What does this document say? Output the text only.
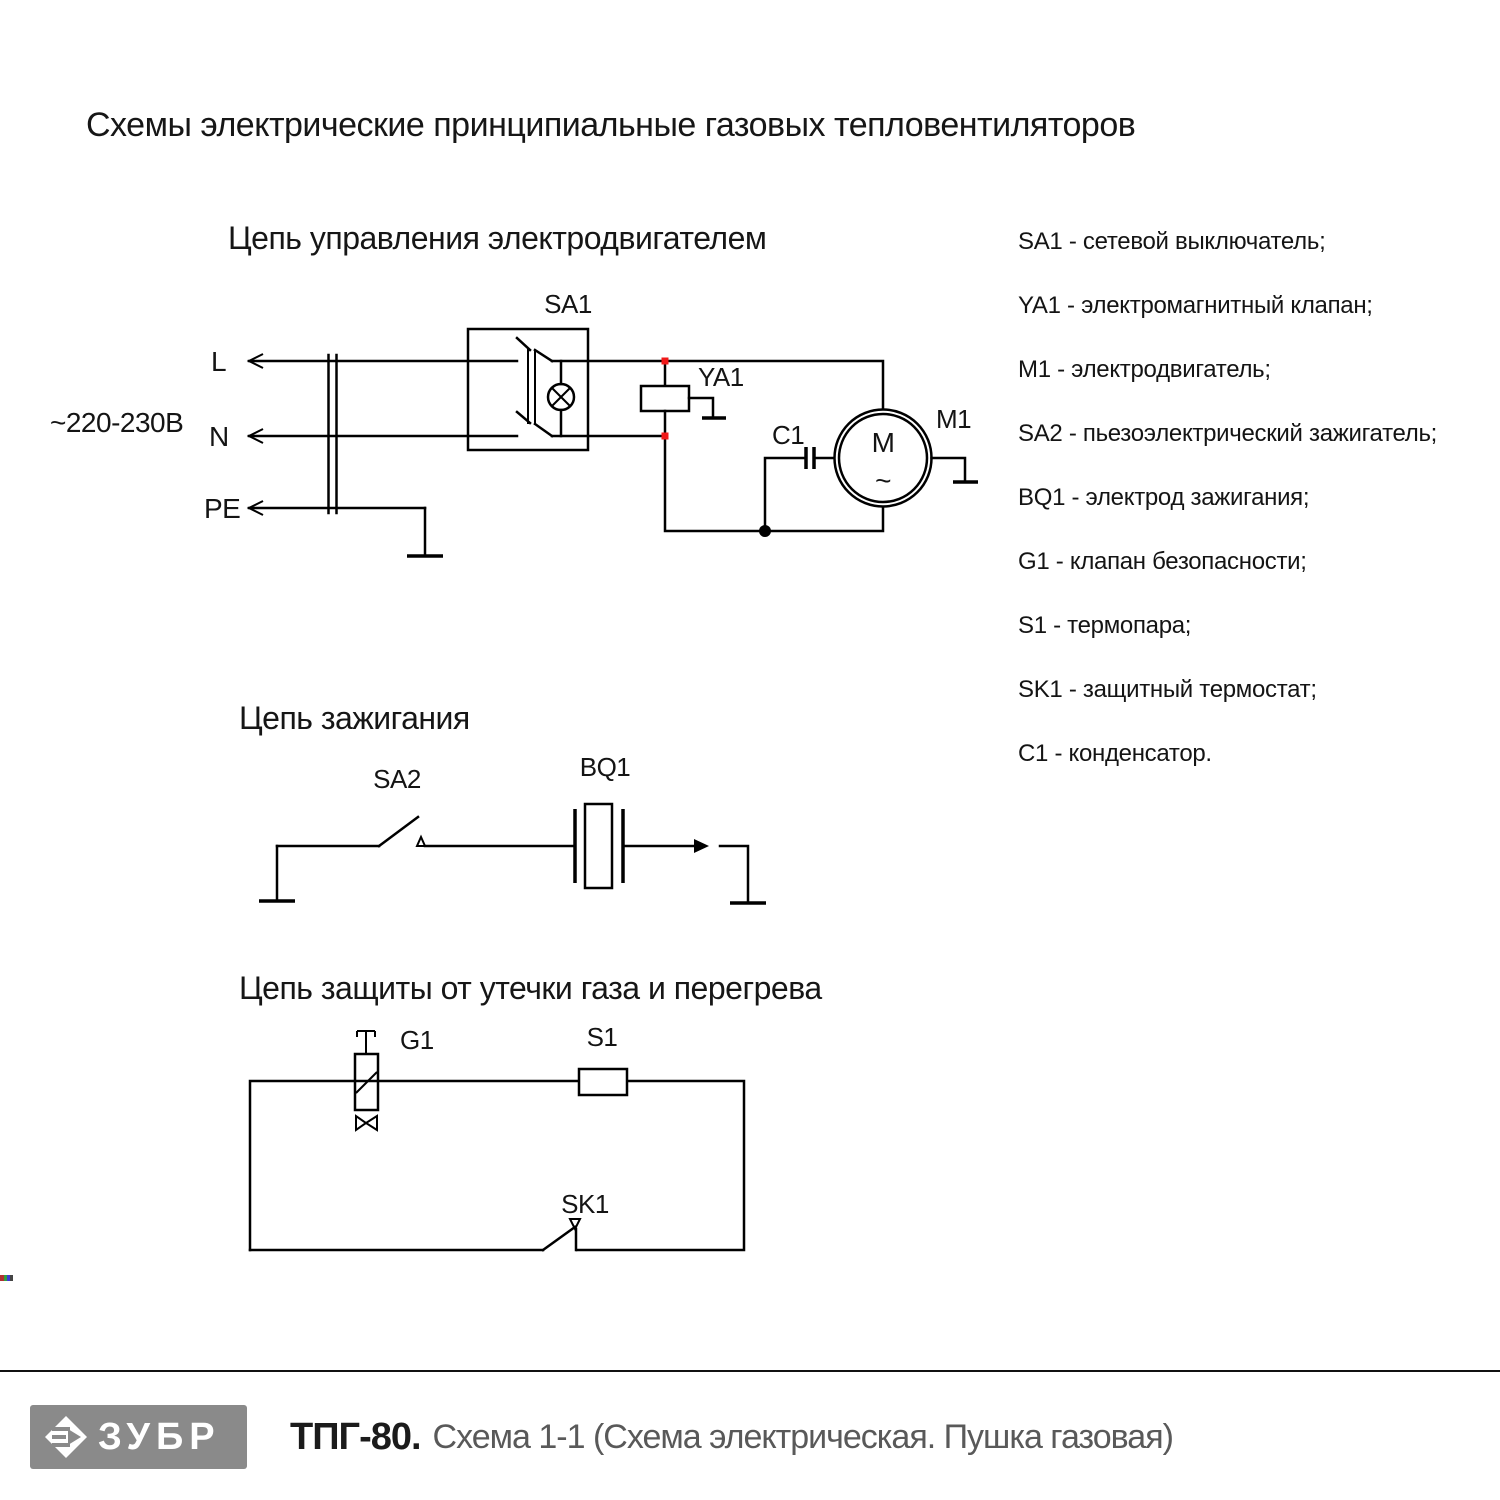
Схемы электрические принципиальные газовых тепловентиляторов
Цепь управления электродвигателем
Цепь зажигания
Цепь защиты от утечки газа и перегрева
SA1 - сетевой выключатель;
YA1 - электромагнитный клапан;
M1 - электродвигатель;
SA2 - пьезоэлектрический зажигатель;
BQ1 - электрод зажигания;
G1 - клапан безопасности;
S1 - термопара;
SK1 - защитный термостат;
C1 - конденсатор.
M
~
~220-230В
L
N
PE
SA1
YA1
C1
M1
SA2	BQ1
G1	S1
SK1
ЗУБР ТПГ-80. Схема 1-1 (Схема электрическая. Пушка газовая)
